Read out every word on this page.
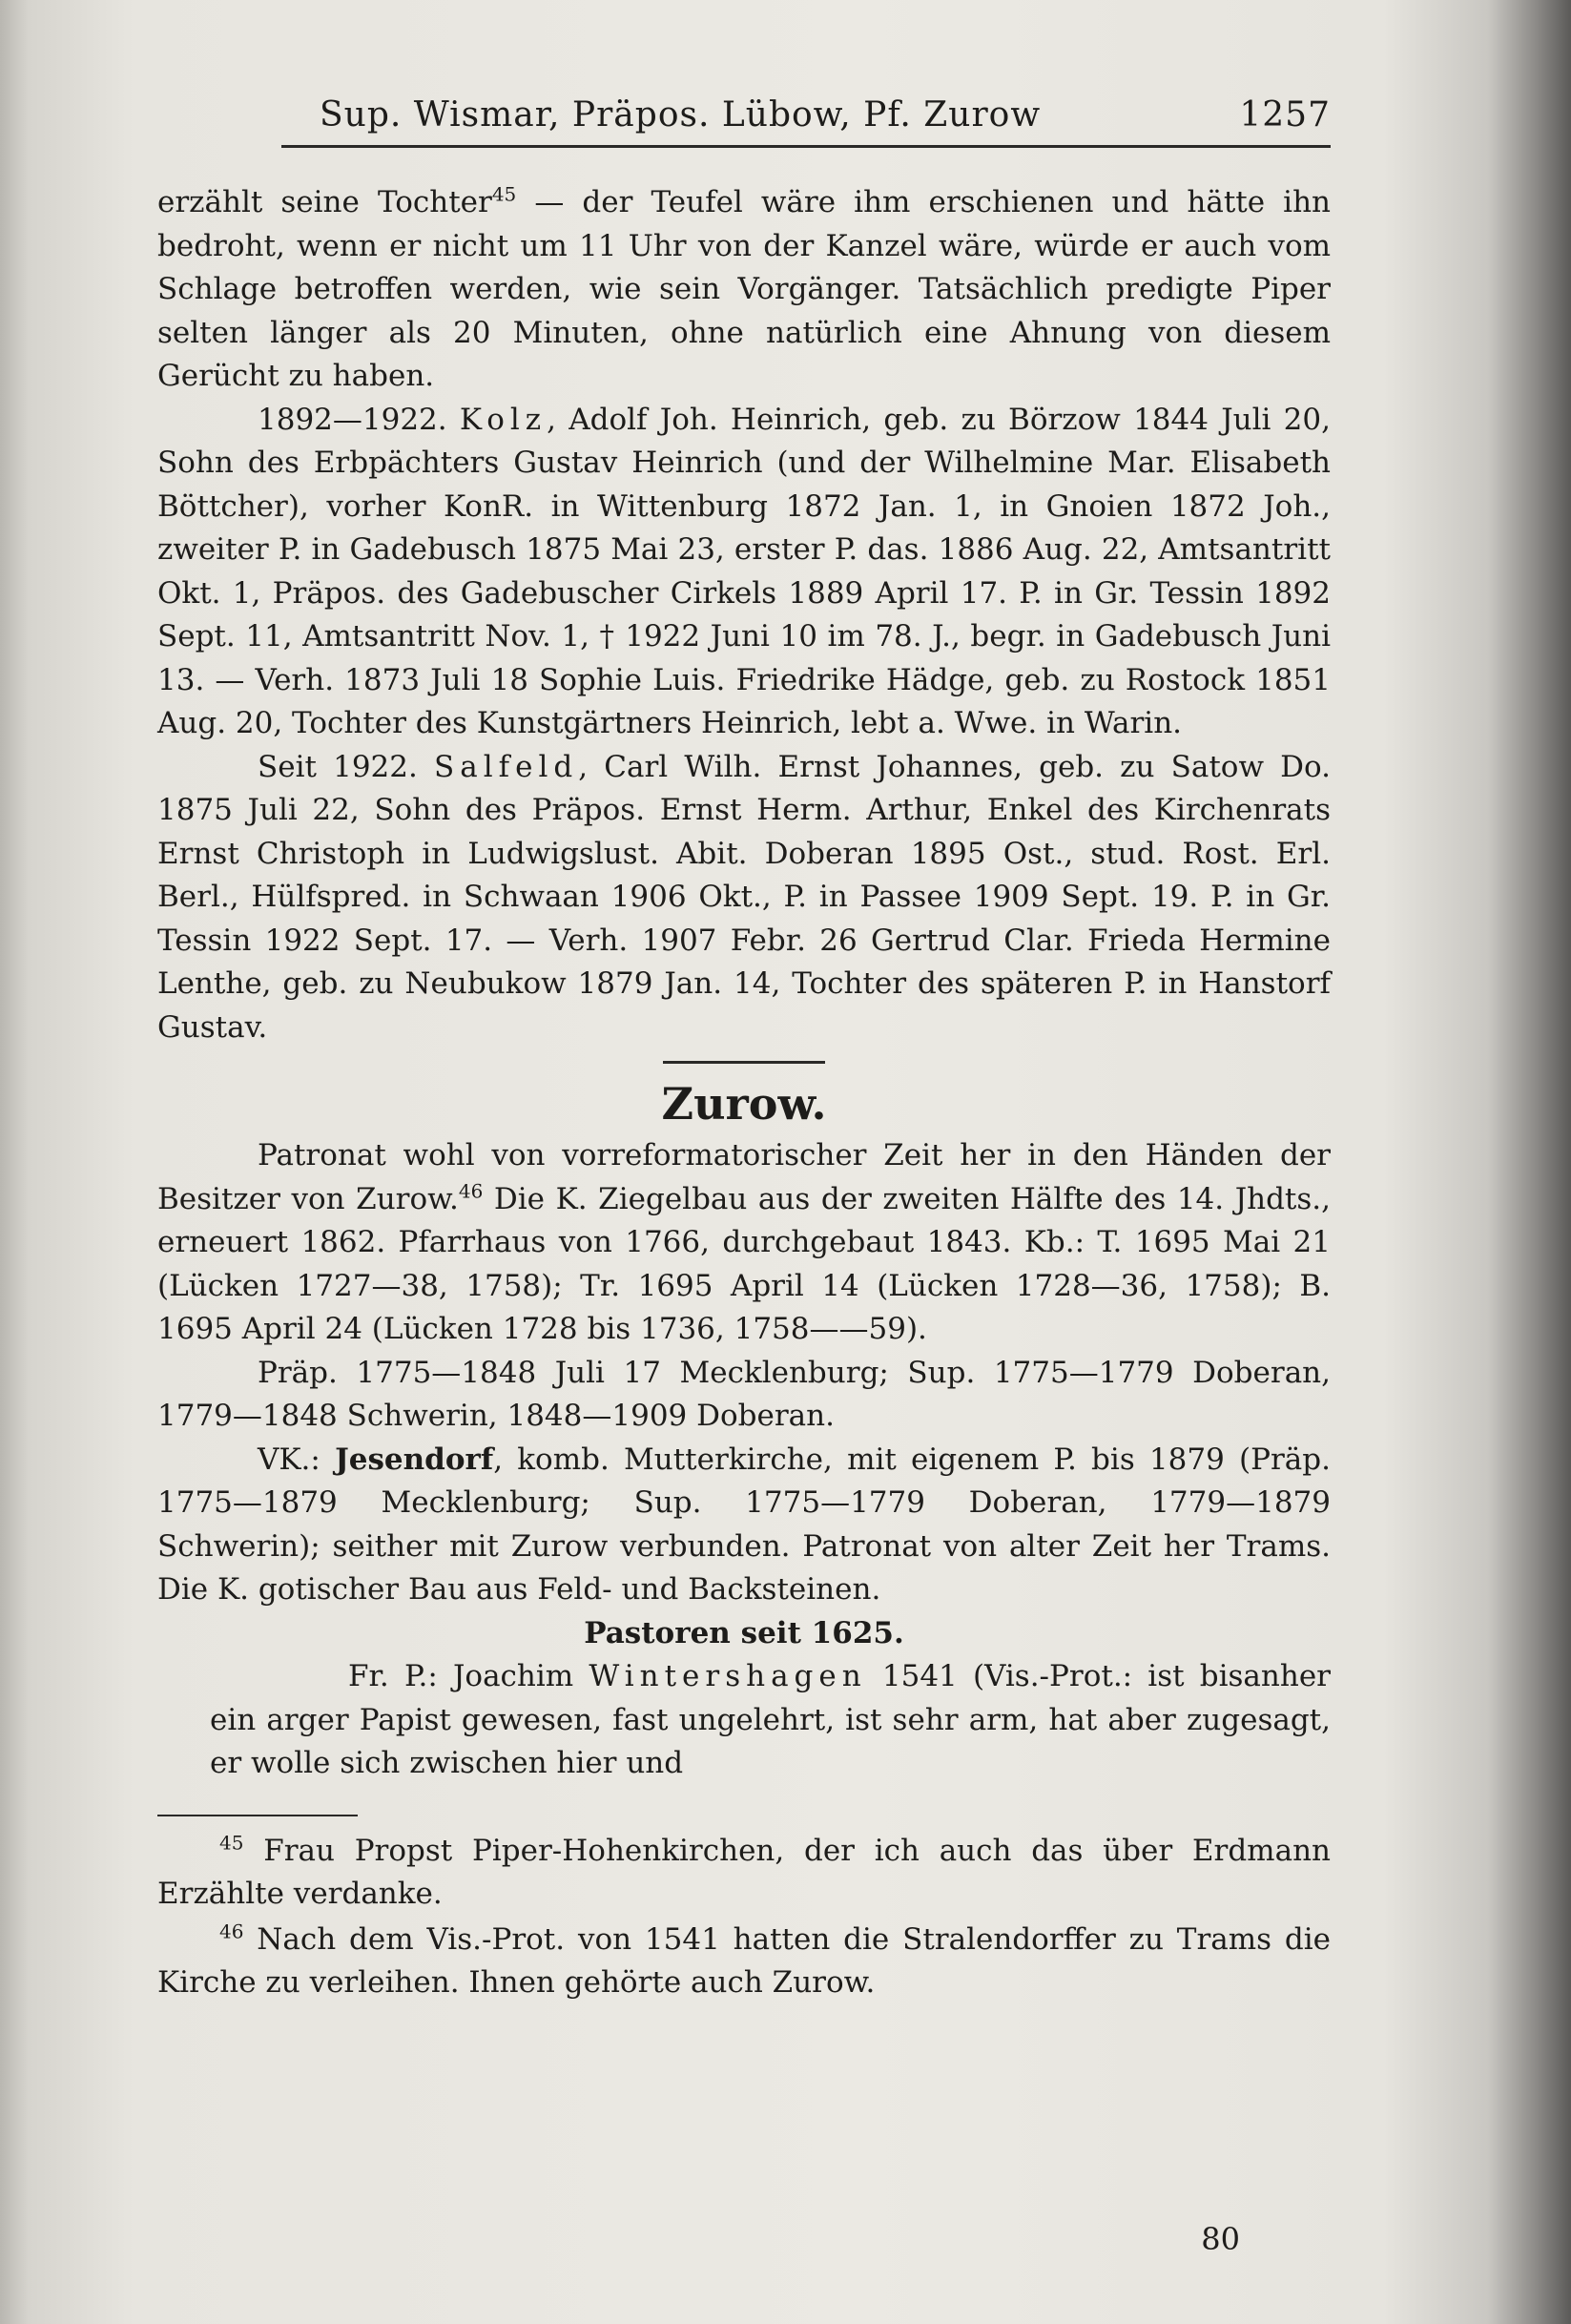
Sup. Wismar, Präpos. Lübow, Pf. Zurow	1257

erzählt seine Tochter$^{45}$ — der Teufel wäre ihm erschienen und hätte ihn bedroht, wenn er nicht um 11 Uhr von der Kanzel wäre, würde er auch vom Schlage betroffen werden, wie sein Vorgänger. Tatsächlich predigte Piper selten länger als 20 Minuten, ohne natürlich eine Ahnung von diesem Gerücht zu haben.

1892—1922. Kolz, Adolf Joh. Heinrich, geb. zu Börzow 1844 Juli 20, Sohn des Erbpächters Gustav Heinrich (und der Wilhelmine Mar. Elisabeth Böttcher), vorher KonR. in Wittenburg 1872 Jan. 1, in Gnoien 1872 Joh., zweiter P. in Gadebusch 1875 Mai 23, erster P. das. 1886 Aug. 22, Amtsantritt Okt. 1, Präpos. des Gadebuscher Cirkels 1889 April 17. P. in Gr. Tessin 1892 Sept. 11, Amtsantritt Nov. 1, † 1922 Juni 10 im 78. J., begr. in Gadebusch Juni 13. — Verh. 1873 Juli 18 Sophie Luis. Friedrike Hädge, geb. zu Rostock 1851 Aug. 20, Tochter des Kunstgärtners Heinrich, lebt a. Wwe. in Warin.

Seit 1922. Salfeld, Carl Wilh. Ernst Johannes, geb. zu Satow Do. 1875 Juli 22, Sohn des Präpos. Ernst Herm. Arthur, Enkel des Kirchenrats Ernst Christoph in Ludwigslust. Abit. Doberan 1895 Ost., stud. Rost. Erl. Berl., Hülfspred. in Schwaan 1906 Okt., P. in Passee 1909 Sept. 19. P. in Gr. Tessin 1922 Sept. 17. — Verh. 1907 Febr. 26 Gertrud Clar. Frieda Hermine Lenthe, geb. zu Neubukow 1879 Jan. 14, Tochter des späteren P. in Hanstorf Gustav.

Zurow.

Patronat wohl von vorreformatorischer Zeit her in den Händen der Besitzer von Zurow.$^{46}$ Die K. Ziegelbau aus der zweiten Hälfte des 14. Jhdts., erneuert 1862. Pfarrhaus von 1766, durchgebaut 1843. Kb.: T. 1695 Mai 21 (Lücken 1727—38, 1758); Tr. 1695 April 14 (Lücken 1728—36, 1758); B. 1695 April 24 (Lücken 1728 bis 1736, 1758——59).

Präp. 1775—1848 Juli 17 Mecklenburg; Sup. 1775—1779 Doberan, 1779—1848 Schwerin, 1848—1909 Doberan.

VK.: Jesendorf, komb. Mutterkirche, mit eigenem P. bis 1879 (Präp. 1775—1879 Mecklenburg; Sup. 1775—1779 Doberan, 1779—1879 Schwerin); seither mit Zurow verbunden. Patronat von alter Zeit her Trams. Die K. gotischer Bau aus Feld- und Backsteinen.

Pastoren seit 1625.

Fr. P.: Joachim Wintershagen 1541 (Vis.-Prot.: ist bisanher ein arger Papist gewesen, fast ungelehrt, ist sehr arm, hat aber zugesagt, er wolle sich zwischen hier und

$^{45}$ Frau Propst Piper-Hohenkirchen, der ich auch das über Erdmann Erzählte verdanke.

$^{46}$ Nach dem Vis.-Prot. von 1541 hatten die Stralendorffer zu Trams die Kirche zu verleihen. Ihnen gehörte auch Zurow.

80
